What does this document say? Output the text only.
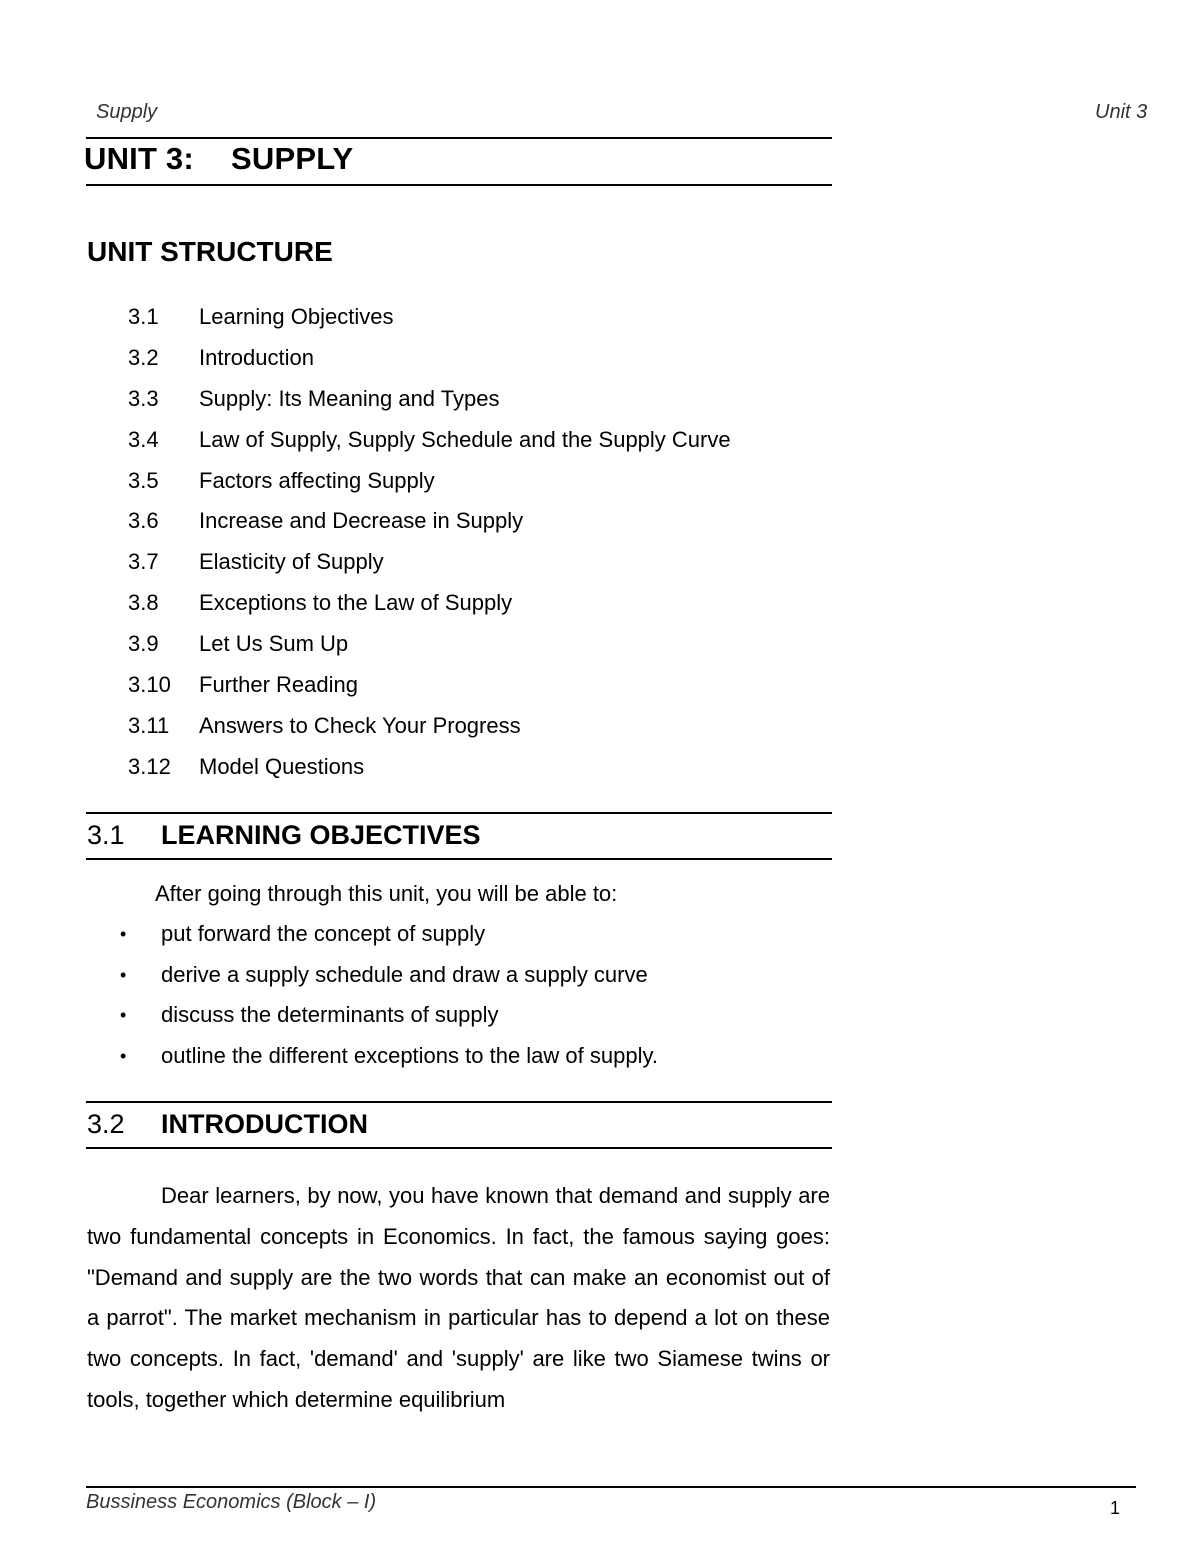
Supply	Unit 3
UNIT 3: SUPPLY
UNIT STRUCTURE
3.1	Learning Objectives
3.2	Introduction
3.3	Supply: Its Meaning and Types
3.4	Law of Supply, Supply Schedule and the Supply Curve
3.5	Factors affecting Supply
3.6	Increase and Decrease in Supply
3.7	Elasticity of Supply
3.8	Exceptions to the Law of Supply
3.9	Let Us Sum Up
3.10	Further Reading
3.11	Answers to Check Your Progress
3.12	Model Questions
3.1 LEARNING OBJECTIVES
After going through this unit, you will be able to:
•	put forward the concept of supply
•	derive a supply schedule and draw a supply curve
•	discuss the determinants of supply
•	outline the different exceptions to the law of supply.
3.2 INTRODUCTION

Dear learners, by now, you have known that demand and supply are two fundamental concepts in Economics. In fact, the famous saying goes: "Demand and supply are the two words that can make an economist out of a parrot". The market mechanism in particular has to depend a lot on these two concepts. In fact, 'demand' and 'supply' are like two Siamese twins or tools, together which determine equilibrium

Bussiness Economics (Block – I)	1
